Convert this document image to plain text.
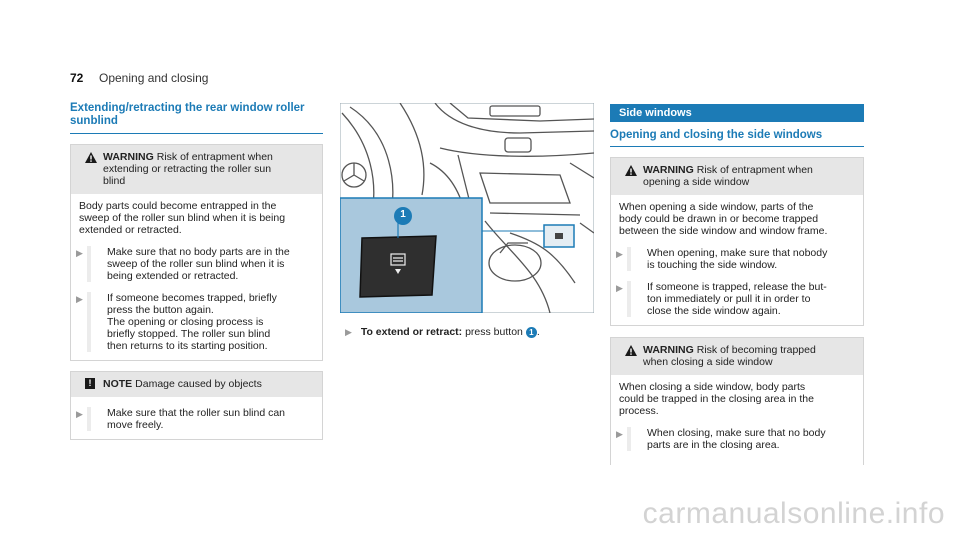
72 Opening and closing
Extending/retracting the rear window roller
sunblind
WARNING Risk of entrapment when
extending or retracting the roller sun
blind
Body parts could become entrapped in the
sweep of the roller sun blind when it is being
extended or retracted.
▶ Make sure that no body parts are in the
sweep of the roller sun blind when it is
being extended or retracted.
▶ If someone becomes trapped, briefly
press the button again.
The opening or closing process is
briefly stopped. The roller sun blind
then returns to its starting position.
!	NOTE Damage caused by objects
▶ Make sure that the roller sun blind can
move freely.
1
▶ To extend or retract: press button 1 .
Side windows
Opening and closing the side windows
WARNING Risk of entrapment when
opening a side window
When opening a side window, parts of the
body could be drawn in or become trapped
between the side window and window frame.
▶ When opening, make sure that nobody
is touching the side window.
▶ If someone is trapped, release the but-
ton immediately or pull it in order to
close the side window again.
WARNING Risk of becoming trapped
when closing a side window
When closing a side window, body parts
could be trapped in the closing area in the
process.
▶ When closing, make sure that no body
parts are in the closing area.
carmanualsonline.info
